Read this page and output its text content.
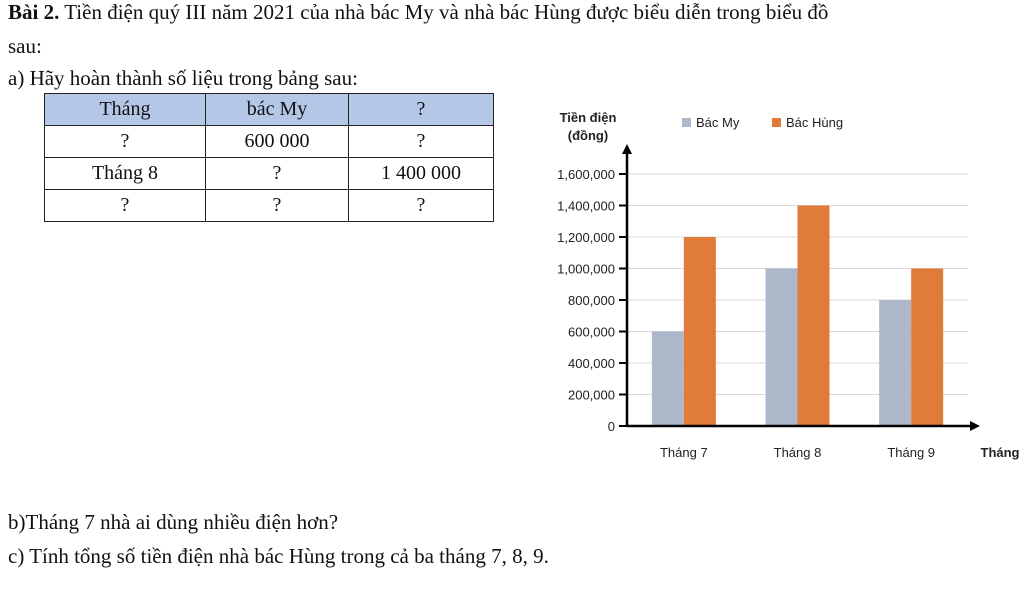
Bài 2. Tiền điện quý III năm 2021 của nhà bác My và nhà bác Hùng được biểu diễn trong biểu đồ
sau:
a) Hãy hoàn thành số liệu trong bảng sau:
Tháng	bác My	?
?	600 000	?
Tháng 8	?	1 400 000
?	?	?
0
200,000
400,000
600,000
800,000
1,000,000
1,200,000
1,400,000
1,600,000
Tháng 7	Tháng 8	Tháng 9
Tiền điện
(đồng)
Tháng
Bác My	Bác Hùng
b)Tháng 7 nhà ai dùng nhiều điện hơn?
c) Tính tổng số tiền điện nhà bác Hùng trong cả ba tháng 7, 8, 9.
